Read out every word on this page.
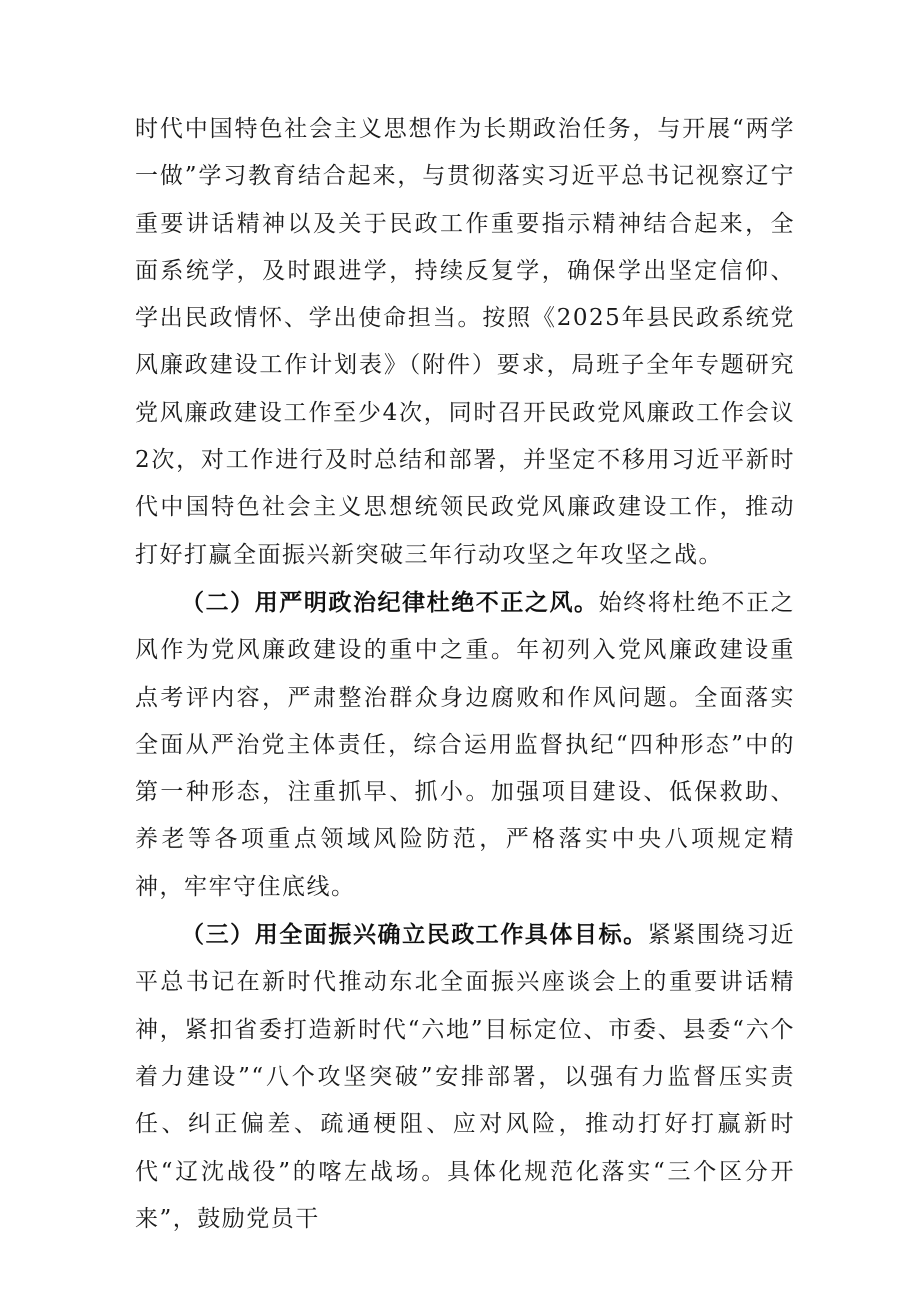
时代中国特色社会主义思想作为长期政治任务，与开展“两学一做”学习教育结合起来，与贯彻落实习近平总书记视察辽宁重要讲话精神以及关于民政工作重要指示精神结合起来，全面系统学，及时跟进学，持续反复学，确保学出坚定信仰、学出民政情怀、学出使命担当。按照《2025年县民政系统党风廉政建设工作计划表》（附件）要求，局班子全年专题研究党风廉政建设工作至少4次，同时召开民政党风廉政工作会议2次，对工作进行及时总结和部署，并坚定不移用习近平新时代中国特色社会主义思想统领民政党风廉政建设工作，推动打好打赢全面振兴新突破三年行动攻坚之年攻坚之战。

（二）用严明政治纪律杜绝不正之风。始终将杜绝不正之风作为党风廉政建设的重中之重。年初列入党风廉政建设重点考评内容，严肃整治群众身边腐败和作风问题。全面落实全面从严治党主体责任，综合运用监督执纪“四种形态”中的第一种形态，注重抓早、抓小。加强项目建设、低保救助、养老等各项重点领域风险防范，严格落实中央八项规定精神，牢牢守住底线。

（三）用全面振兴确立民政工作具体目标。紧紧围绕习近平总书记在新时代推动东北全面振兴座谈会上的重要讲话精神，紧扣省委打造新时代“六地”目标定位、市委、县委“六个着力建设”“八个攻坚突破”安排部署，以强有力监督压实责任、纠正偏差、疏通梗阻、应对风险，推动打好打赢新时代“辽沈战役”的喀左战场。具体化规范化落实“三个区分开来”，鼓励党员干
